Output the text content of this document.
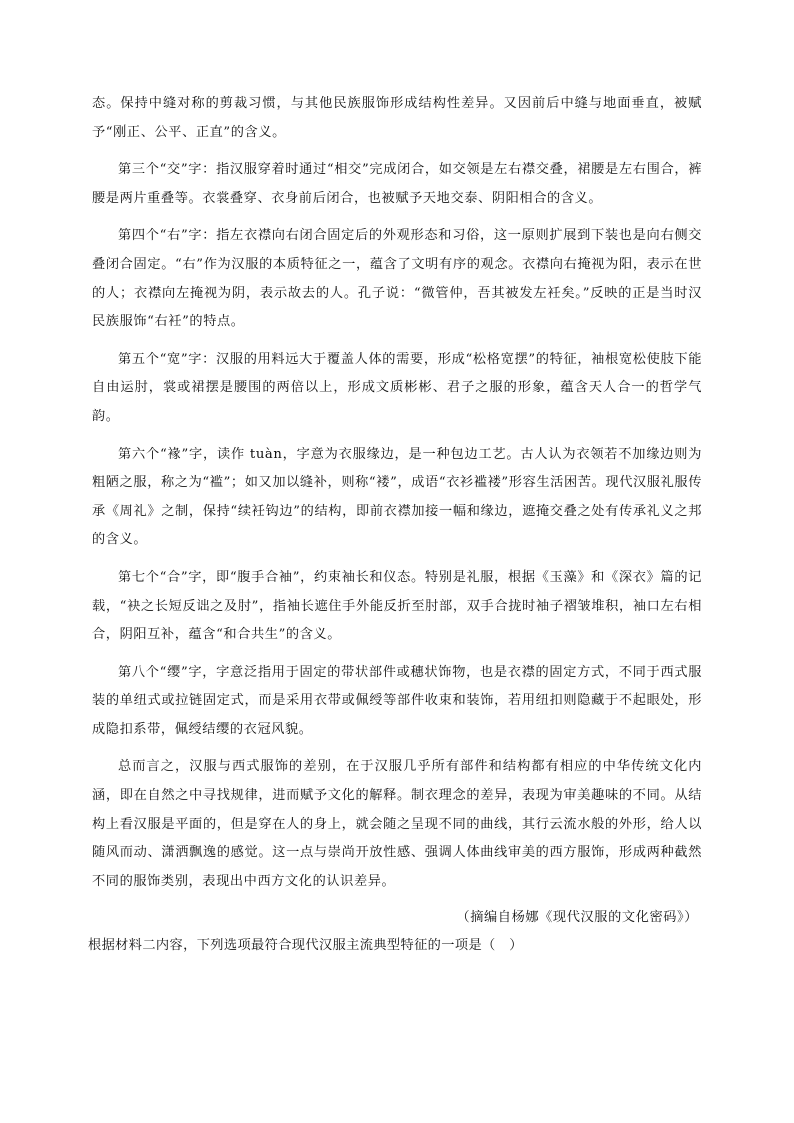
态。保持中缝对称的剪裁习惯，与其他民族服饰形成结构性差异。又因前后中缝与地面垂直，被赋予“刚正、公平、正直”的含义。

第三个“交”字：指汉服穿着时通过“相交”完成闭合，如交领是左右襟交叠，裙腰是左右围合，裤腰是两片重叠等。衣裳叠穿、衣身前后闭合，也被赋予天地交泰、阴阳相合的含义。

第四个“右”字：指左衣襟向右闭合固定后的外观形态和习俗，这一原则扩展到下装也是向右侧交叠闭合固定。“右”作为汉服的本质特征之一，蕴含了文明有序的观念。衣襟向右掩视为阳，表示在世的人；衣襟向左掩视为阴，表示故去的人。孔子说：“微管仲，吾其被发左衽矣。”反映的正是当时汉民族服饰“右衽”的特点。

第五个“宽”字：汉服的用料远大于覆盖人体的需要，形成“松格宽摆”的特征，袖根宽松使肢下能自由运肘，裳或裙摆是腰围的两倍以上，形成文质彬彬、君子之服的形象，蕴含天人合一的哲学气韵。

第六个“褖”字，读作 tuàn，字意为衣服缘边，是一种包边工艺。古人认为衣领若不加缘边则为粗陋之服，称之为“褴”；如又加以缝补，则称“褛”，成语“衣衫褴褛”形容生活困苦。现代汉服礼服传承《周礼》之制，保持“续衽钩边”的结构，即前衣襟加接一幅和缘边，遮掩交叠之处有传承礼义之邦的含义。

第七个“合”字，即“腹手合袖”，约束袖长和仪态。特别是礼服，根据《玉藻》和《深衣》篇的记载，“袂之长短反诎之及肘”，指袖长遮住手外能反折至肘部，双手合拢时袖子褶皱堆积，袖口左右相合，阴阳互补，蕴含“和合共生”的含义。

第八个“缨”字，字意泛指用于固定的带状部件或穗状饰物，也是衣襟的固定方式，不同于西式服装的单纽式或拉链固定式，而是采用衣带或佩绶等部件收束和装饰，若用纽扣则隐藏于不起眼处，形成隐扣系带，佩绶结缨的衣冠风貌。

总而言之，汉服与西式服饰的差别，在于汉服几乎所有部件和结构都有相应的中华传统文化内涵，即在自然之中寻找规律，进而赋予文化的解释。制衣理念的差异，表现为审美趣味的不同。从结构上看汉服是平面的，但是穿在人的身上，就会随之呈现不同的曲线，其行云流水般的外形，给人以随风而动、潇洒飘逸的感觉。这一点与崇尚开放性感、强调人体曲线审美的西方服饰，形成两种截然不同的服饰类别，表现出中西方文化的认识差异。

（摘编自杨娜《现代汉服的文化密码》）

根据材料二内容，下列选项最符合现代汉服主流典型特征的一项是（　）
